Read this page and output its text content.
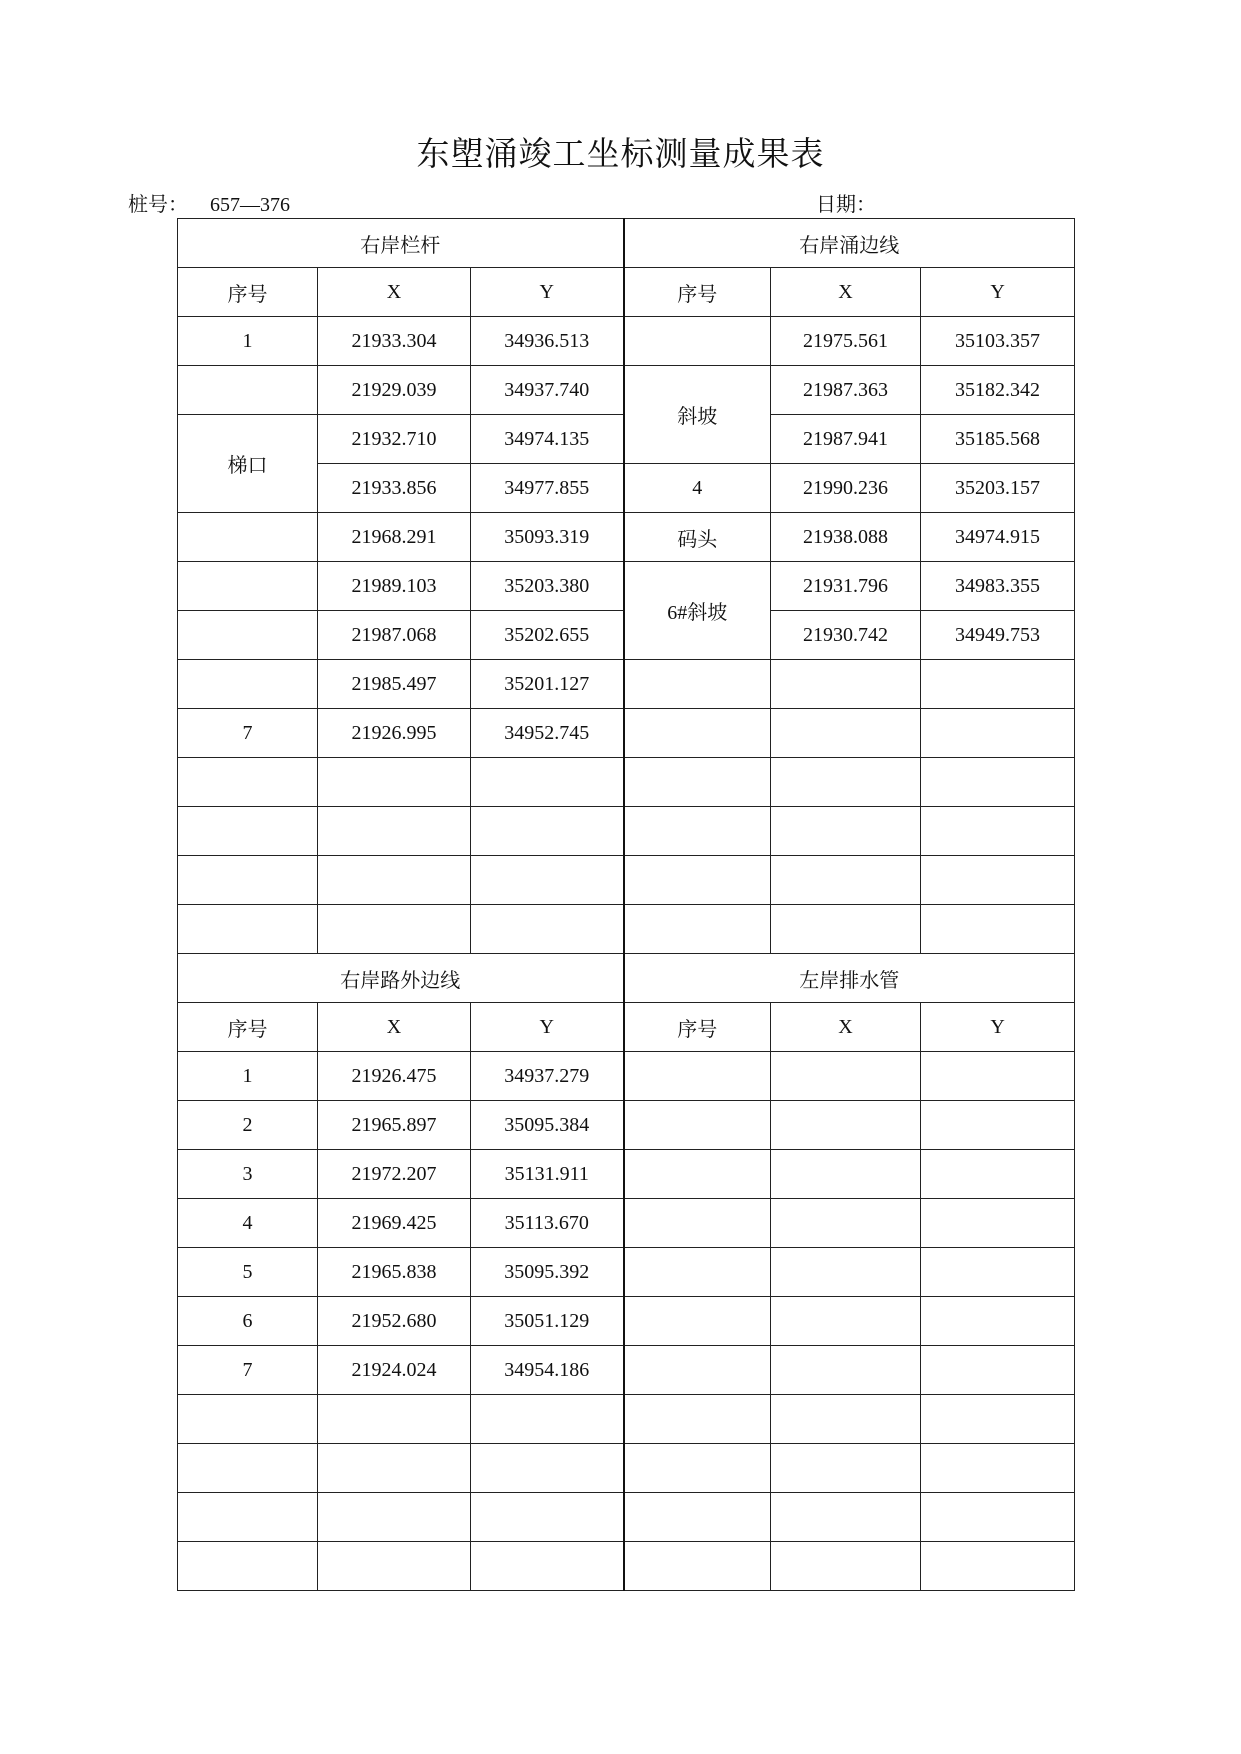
东塱涌竣工坐标测量成果表
桩号： 657—376	日期：
右岸栏杆			右岸涌边线		
序号	X	Y	序号	X	Y
1	21933.304	34936.513		21975.561	35103.357
	21929.039	34937.740	斜坡	21987.363	35182.342
梯口	21932.710	34974.135		21987.941	35185.568
	21933.856	34977.855	4	21990.236	35203.157
	21968.291	35093.319	码头	21938.088	34974.915
	21989.103	35203.380	6#斜坡	21931.796	34983.355
	21987.068	35202.655		21930.742	34949.753
	21985.497	35201.127			
7	21926.995	34952.745			

右岸路外边线			左岸排水管		
序号	X	Y	序号	X	Y
1	21926.475	34937.279			
2	21965.897	35095.384			
3	21972.207	35131.911			
4	21969.425	35113.670			
5	21965.838	35095.392			
6	21952.680	35051.129			
7	21924.024	34954.186			
